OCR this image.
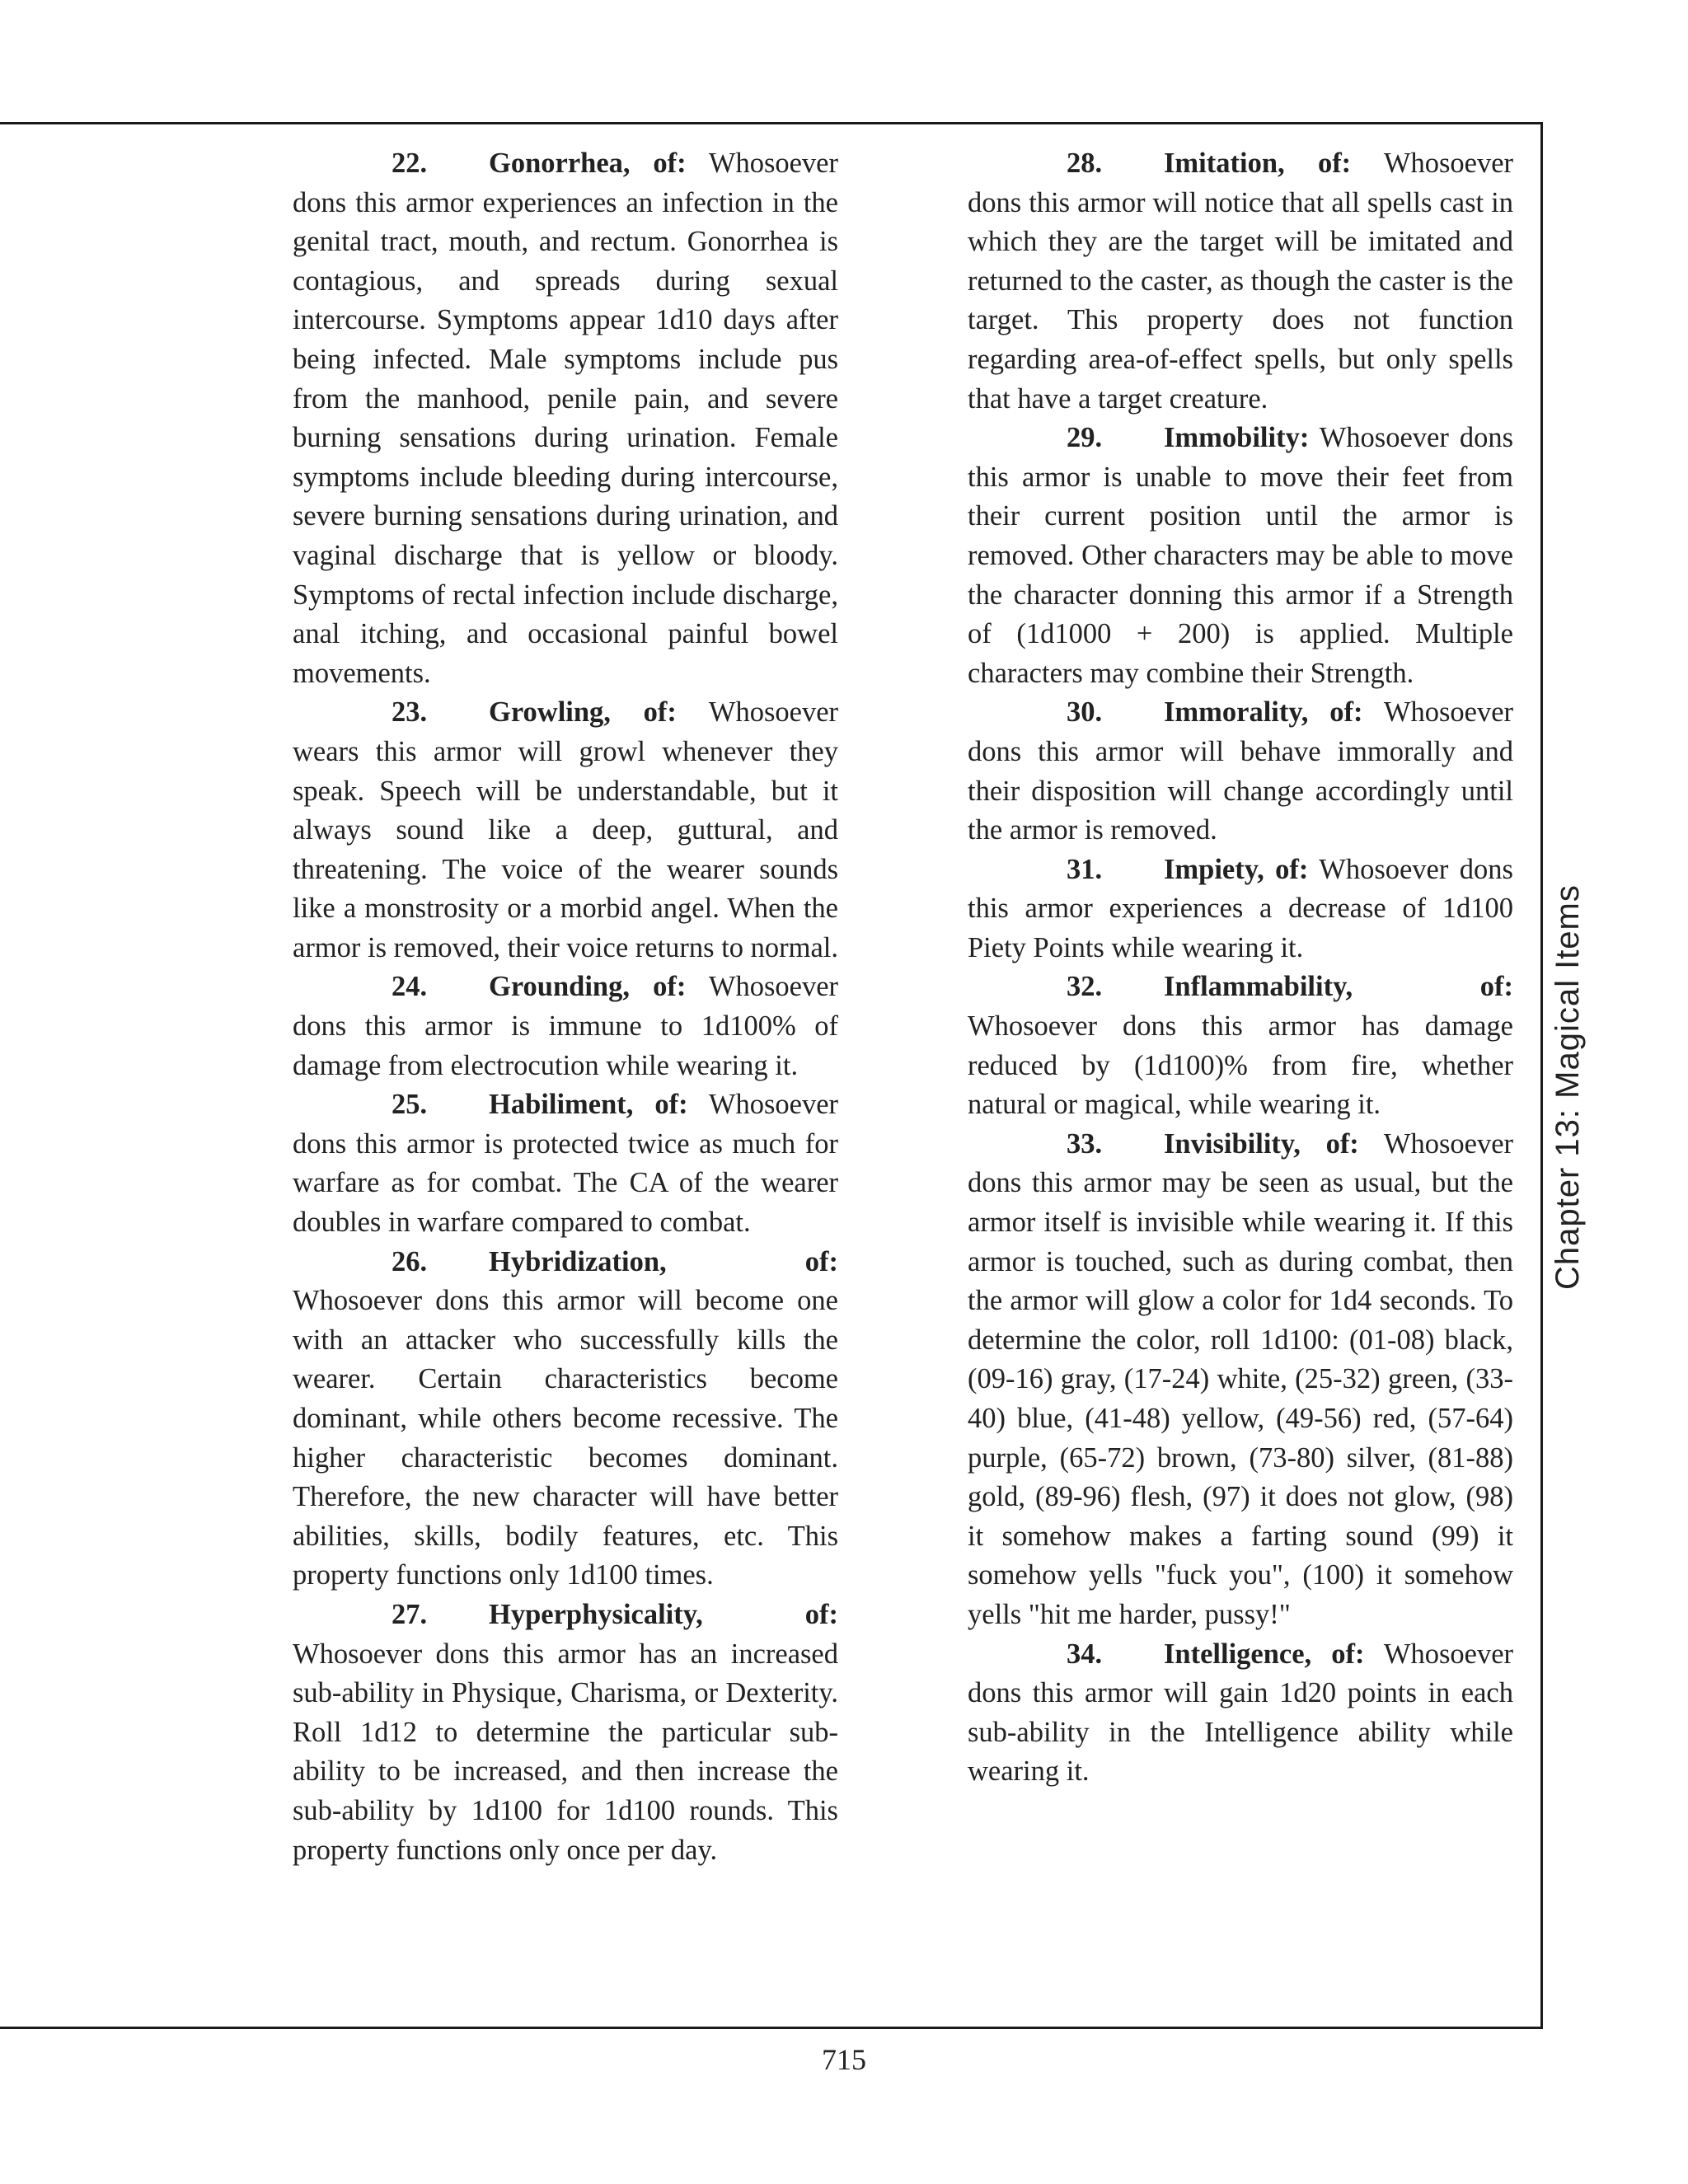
22. Gonorrhea, of: Whosoever dons this armor experiences an infection in the genital tract, mouth, and rectum. Gonorrhea is contagious, and spreads during sexual intercourse. Symptoms appear 1d10 days after being infected. Male symptoms include pus from the manhood, penile pain, and severe burning sensations during urination. Female symptoms include bleeding during intercourse, severe burning sensations during urination, and vaginal discharge that is yellow or bloody. Symptoms of rectal infection include discharge, anal itching, and occasional painful bowel movements.

23. Growling, of: Whosoever wears this armor will growl whenever they speak. Speech will be understandable, but it always sound like a deep, guttural, and threatening. The voice of the wearer sounds like a monstrosity or a morbid angel. When the armor is removed, their voice returns to normal.

24. Grounding, of: Whosoever dons this armor is immune to 1d100% of damage from electrocution while wearing it.

25. Habiliment, of: Whosoever dons this armor is protected twice as much for warfare as for combat. The CA of the wearer doubles in warfare compared to combat.

26. Hybridization, of: Whosoever dons this armor will become one with an attacker who successfully kills the wearer. Certain characteristics become dominant, while others become recessive. The higher characteristic becomes dominant. Therefore, the new character will have better abilities, skills, bodily features, etc. This property functions only 1d100 times.

27. Hyperphysicality, of: Whosoever dons this armor has an increased sub-ability in Physique, Charisma, or Dexterity. Roll 1d12 to determine the particular sub-ability to be increased, and then increase the sub-ability by 1d100 for 1d100 rounds. This property functions only once per day.

28. Imitation, of: Whosoever dons this armor will notice that all spells cast in which they are the target will be imitated and returned to the caster, as though the caster is the target. This property does not function regarding area-of-effect spells, but only spells that have a target creature.

29. Immobility: Whosoever dons this armor is unable to move their feet from their current position until the armor is removed. Other characters may be able to move the character donning this armor if a Strength of (1d1000 + 200) is applied. Multiple characters may combine their Strength.

30. Immorality, of: Whosoever dons this armor will behave immorally and their disposition will change accordingly until the armor is removed.

31. Impiety, of: Whosoever dons this armor experiences a decrease of 1d100 Piety Points while wearing it.

32. Inflammability, of: Whosoever dons this armor has damage reduced by (1d100)% from fire, whether natural or magical, while wearing it.

33. Invisibility, of: Whosoever dons this armor may be seen as usual, but the armor itself is invisible while wearing it. If this armor is touched, such as during combat, then the armor will glow a color for 1d4 seconds. To determine the color, roll 1d100: (01-08) black, (09-16) gray, (17-24) white, (25-32) green, (33-40) blue, (41-48) yellow, (49-56) red, (57-64) purple, (65-72) brown, (73-80) silver, (81-88) gold, (89-96) flesh, (97) it does not glow, (98) it somehow makes a farting sound (99) it somehow yells "fuck you", (100) it somehow yells "hit me harder, pussy!"

34. Intelligence, of: Whosoever dons this armor will gain 1d20 points in each sub-ability in the Intelligence ability while wearing it.

Chapter 13: Magical Items
715
